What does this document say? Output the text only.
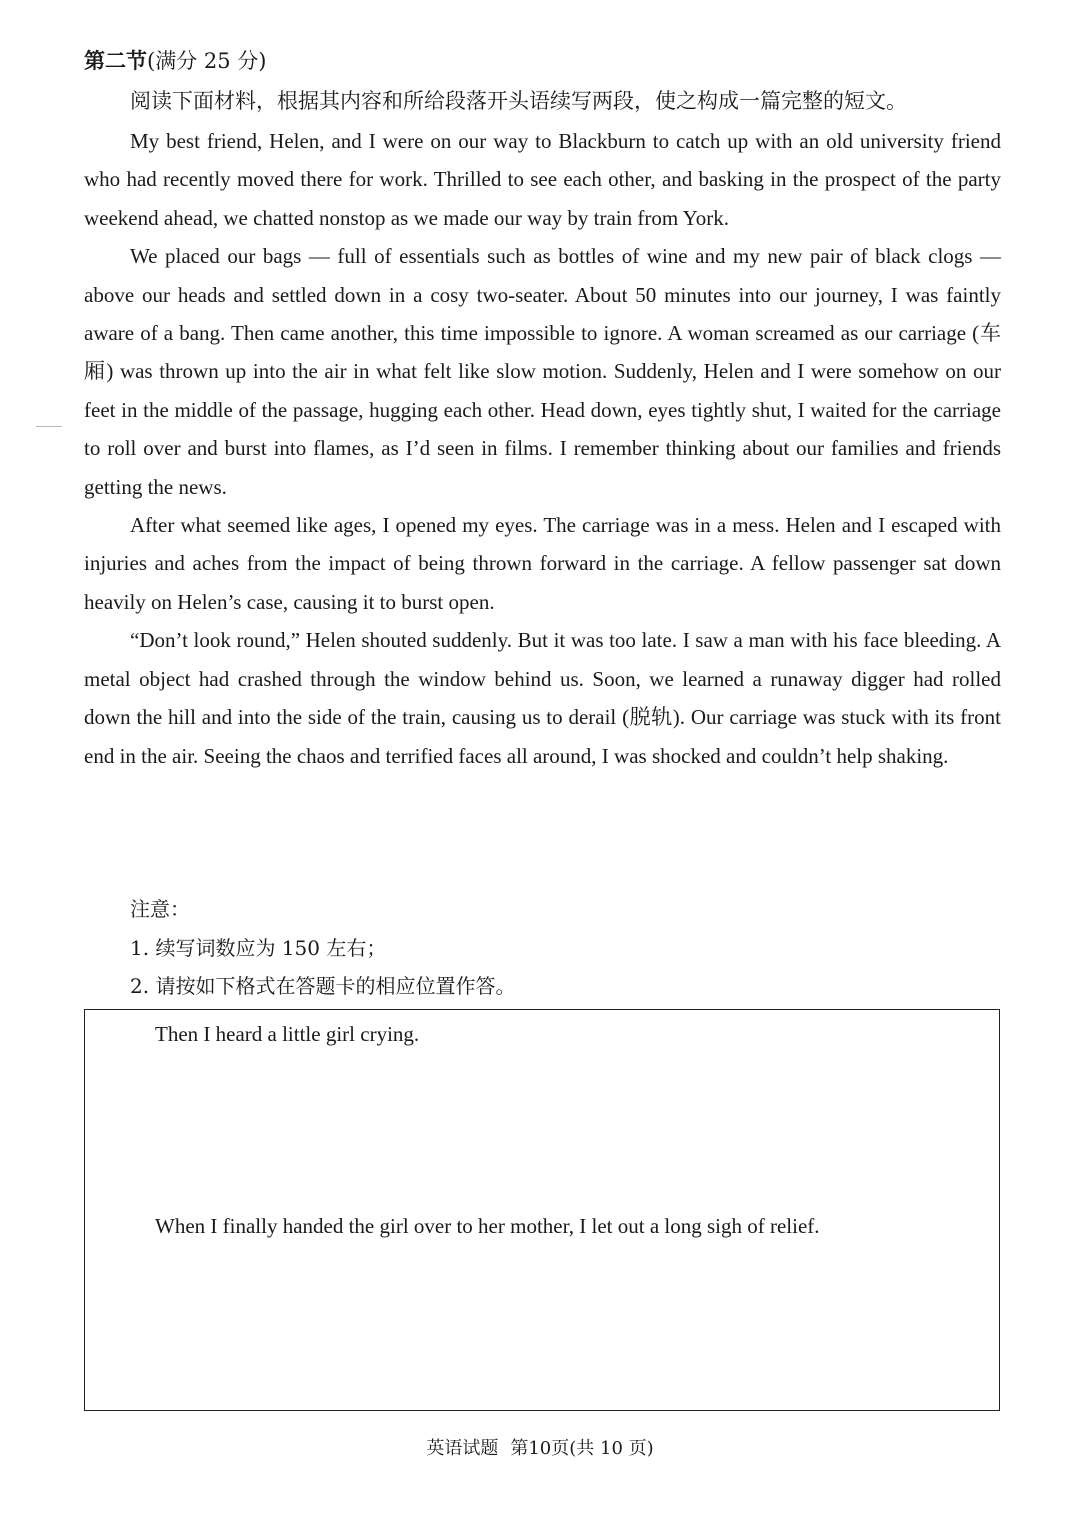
第二节(满分 25 分)
阅读下面材料，根据其内容和所给段落开头语续写两段，使之构成一篇完整的短文。

My best friend, Helen, and I were on our way to Blackburn to catch up with an old university friend who had recently moved there for work. Thrilled to see each other, and basking in the prospect of the party weekend ahead, we chatted nonstop as we made our way by train from York.

We placed our bags — full of essentials such as bottles of wine and my new pair of black clogs — above our heads and settled down in a cosy two-seater. About 50 minutes into our journey, I was faintly aware of a bang. Then came another, this time impossible to ignore. A woman screamed as our carriage (车厢) was thrown up into the air in what felt like slow motion. Suddenly, Helen and I were somehow on our feet in the middle of the passage, hugging each other. Head down, eyes tightly shut, I waited for the carriage to roll over and burst into flames, as I’d seen in films. I remember thinking about our families and friends getting the news.

After what seemed like ages, I opened my eyes. The carriage was in a mess. Helen and I escaped with injuries and aches from the impact of being thrown forward in the carriage. A fellow passenger sat down heavily on Helen’s case, causing it to burst open.

“Don’t look round,” Helen shouted suddenly. But it was too late. I saw a man with his face bleeding. A metal object had crashed through the window behind us. Soon, we learned a runaway digger had rolled down the hill and into the side of the train, causing us to derail (脱轨). Our carriage was stuck with its front end in the air. Seeing the chaos and terrified faces all around, I was shocked and couldn’t help shaking.

注意：
1. 续写词数应为 150 左右；
2. 请按如下格式在答题卡的相应位置作答。
Then I heard a little girl crying.
When I finally handed the girl over to her mother, I let out a long sigh of relief.
英语试题 第10页(共 10 页)
